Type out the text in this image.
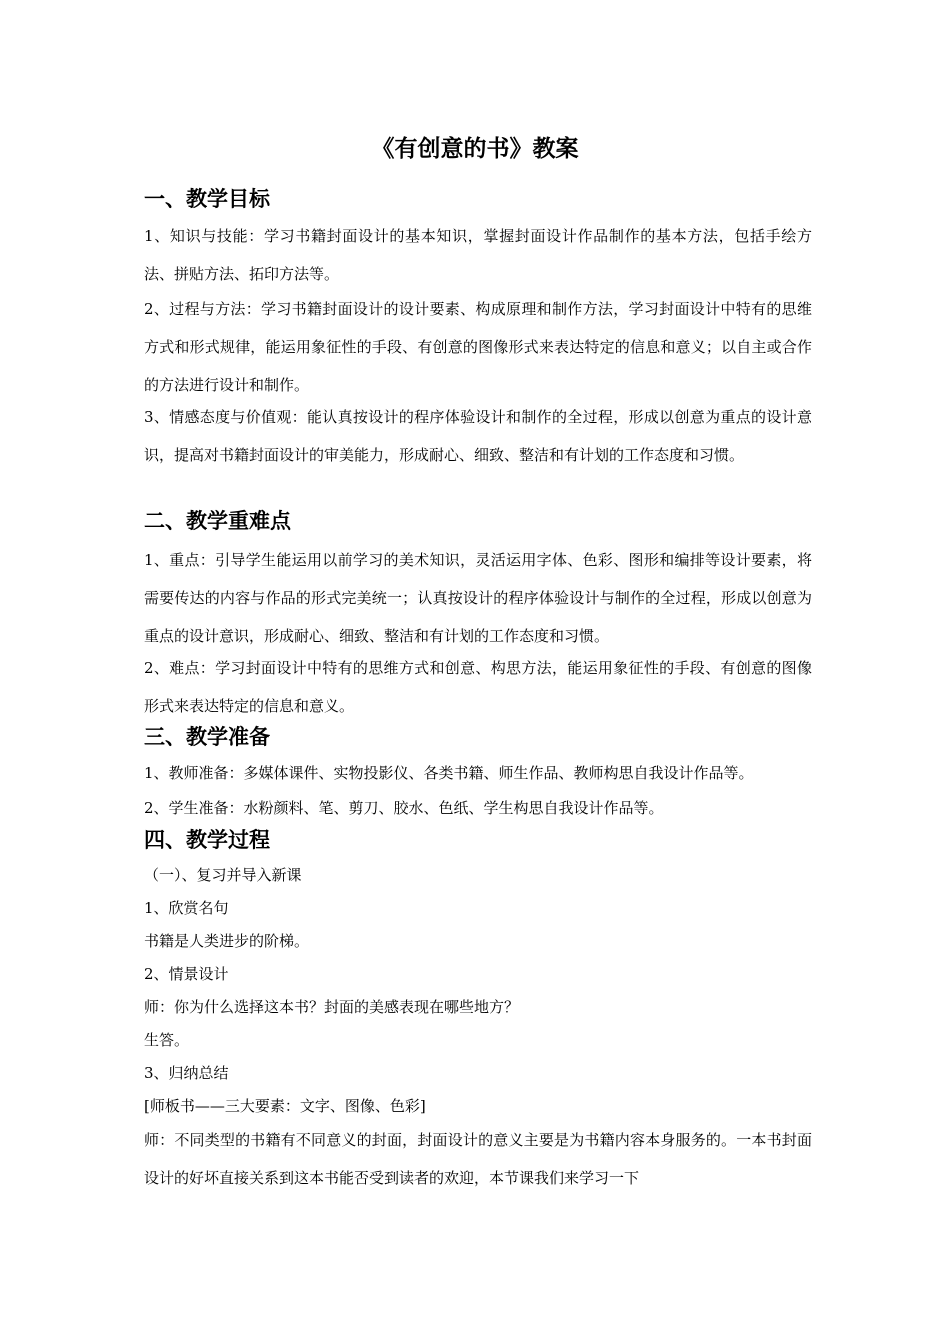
《有创意的书》教案
一、教学目标

1、知识与技能：学习书籍封面设计的基本知识，掌握封面设计作品制作的基本方法，包括手绘方法、拼贴方法、拓印方法等。

2、过程与方法：学习书籍封面设计的设计要素、构成原理和制作方法，学习封面设计中特有的思维方式和形式规律，能运用象征性的手段、有创意的图像形式来表达特定的信息和意义；以自主或合作的方法进行设计和制作。

3、情感态度与价值观：能认真按设计的程序体验设计和制作的全过程，形成以创意为重点的设计意识，提高对书籍封面设计的审美能力，形成耐心、细致、整洁和有计划的工作态度和习惯。

二、教学重难点

1、重点：引导学生能运用以前学习的美术知识，灵活运用字体、色彩、图形和编排等设计要素，将需要传达的内容与作品的形式完美统一；认真按设计的程序体验设计与制作的全过程，形成以创意为重点的设计意识，形成耐心、细致、整洁和有计划的工作态度和习惯。

2、难点：学习封面设计中特有的思维方式和创意、构思方法，能运用象征性的手段、有创意的图像形式来表达特定的信息和意义。

三、教学准备

1、教师准备：多媒体课件、实物投影仪、各类书籍、师生作品、教师构思自我设计作品等。

2、学生准备：水粉颜料、笔、剪刀、胶水、色纸、学生构思自我设计作品等。

四、教学过程

（一）、复习并导入新课

1、欣赏名句

书籍是人类进步的阶梯。

2、情景设计

师：你为什么选择这本书？封面的美感表现在哪些地方？

生答。

3、归纳总结

[师板书——三大要素：文字、图像、色彩]

师：不同类型的书籍有不同意义的封面，封面设计的意义主要是为书籍内容本身服务的。一本书封面设计的好坏直接关系到这本书能否受到读者的欢迎，本节课我们来学习一下
